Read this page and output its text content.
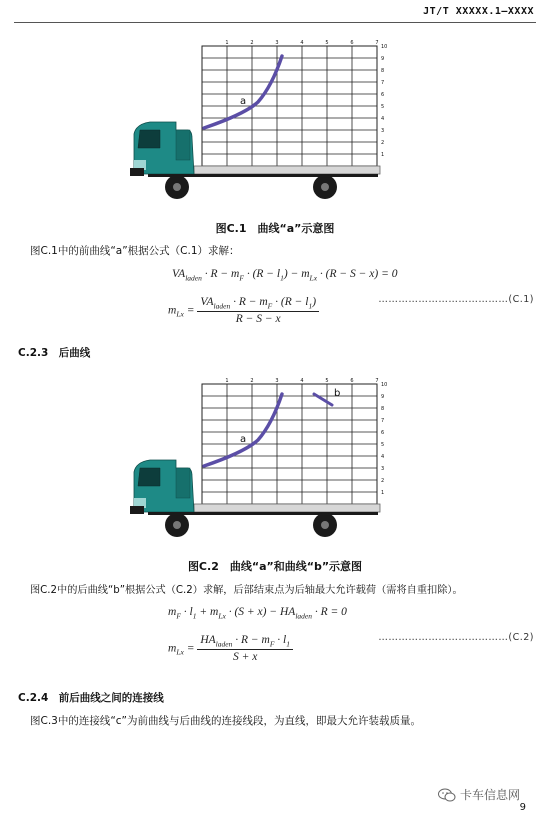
JT/T XXXXX.1—XXXX
1	2	3	4	5	6	7
10
9
8
7
6
5
4
3
2
1
a
图C.1　曲线“a”示意图
图C.1中的前曲线“a”根据公式（C.1）求解：
$VA_{laden} \cdot R - m_F \cdot (R - l_1) - m_{Lx} \cdot (R - S - x) = 0$
$m_{Lx} = \frac{VA_{laden} \cdot R - m_F \cdot (R - l_1)}{R - S - x}$	…………………………………(C.1)
C.2.3　后曲线
1	2	3	4	5	6	7
10
9
8
7
6
5
4
3
2
1
a
b
图C.2　曲线“a”和曲线“b”示意图
图C.2中的后曲线“b”根据公式（C.2）求解，后部结束点为后轴最大允许载荷（需将自重扣除）。
$m_F \cdot l_1 + m_{Lx} \cdot (S + x) - HA_{laden} \cdot R = 0$
$m_{Lx} = \frac{HA_{laden} \cdot R - m_F \cdot l_1}{S + x}$	…………………………………(C.2)
C.2.4　前后曲线之间的连接线
图C.3中的连接线“c”为前曲线与后曲线的连接线段，为直线，即最大允许装载质量。
卡车信息网
9
